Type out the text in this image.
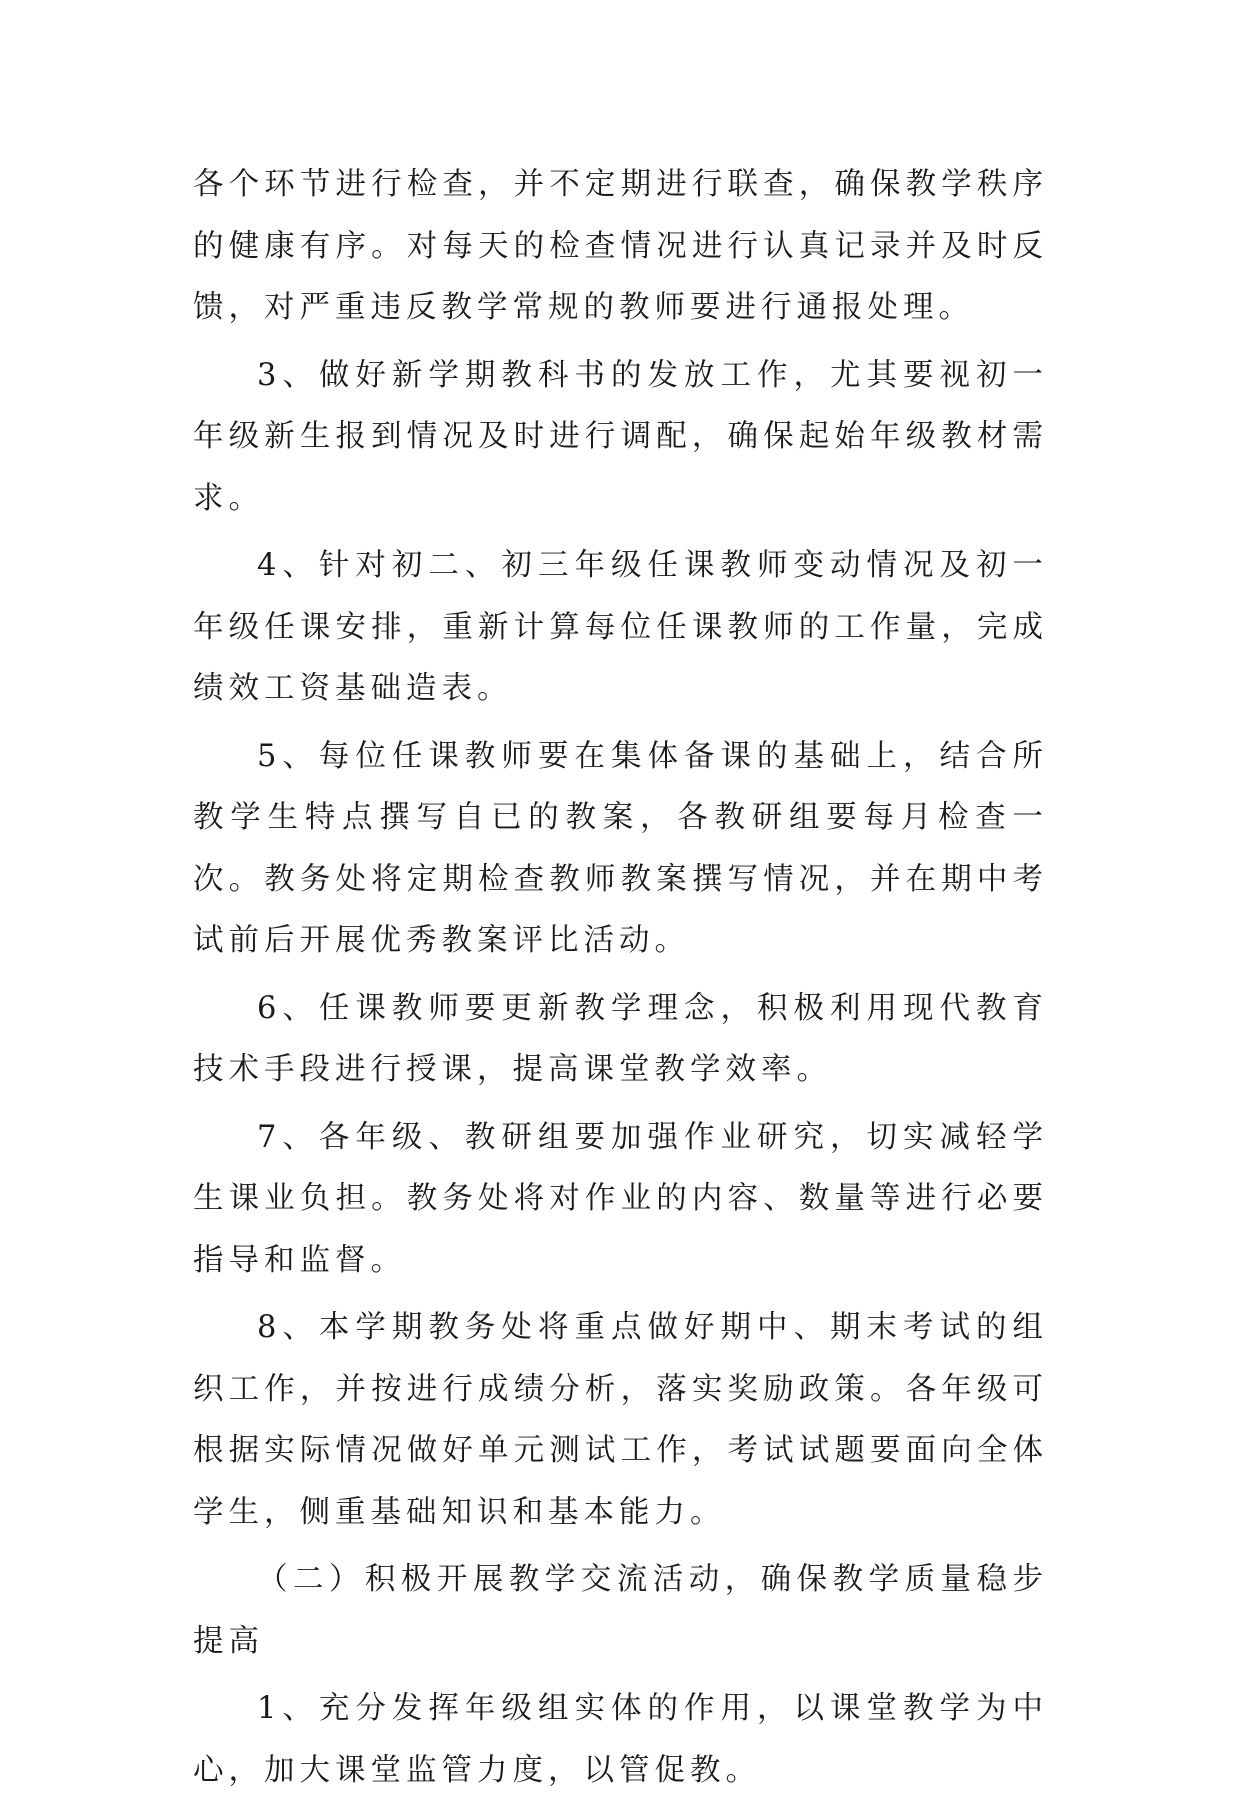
各个环节进行检查，并不定期进行联查，确保教学秩序的健康有序。对每天的检查情况进行认真记录并及时反馈，对严重违反教学常规的教师要进行通报处理。

3、做好新学期教科书的发放工作，尤其要视初一年级新生报到情况及时进行调配，确保起始年级教材需求。

4、针对初二、初三年级任课教师变动情况及初一年级任课安排，重新计算每位任课教师的工作量，完成绩效工资基础造表。

5、每位任课教师要在集体备课的基础上，结合所教学生特点撰写自已的教案，各教研组要每月检查一次。教务处将定期检查教师教案撰写情况，并在期中考试前后开展优秀教案评比活动。

6、任课教师要更新教学理念，积极利用现代教育技术手段进行授课，提高课堂教学效率。

7、各年级、教研组要加强作业研究，切实减轻学生课业负担。教务处将对作业的内容、数量等进行必要指导和监督。

8、本学期教务处将重点做好期中、期末考试的组织工作，并按进行成绩分析，落实奖励政策。各年级可根据实际情况做好单元测试工作，考试试题要面向全体学生，侧重基础知识和基本能力。

（二）积极开展教学交流活动，确保教学质量稳步提高

1、充分发挥年级组实体的作用，以课堂教学为中心，加大课堂监管力度，以管促教。
